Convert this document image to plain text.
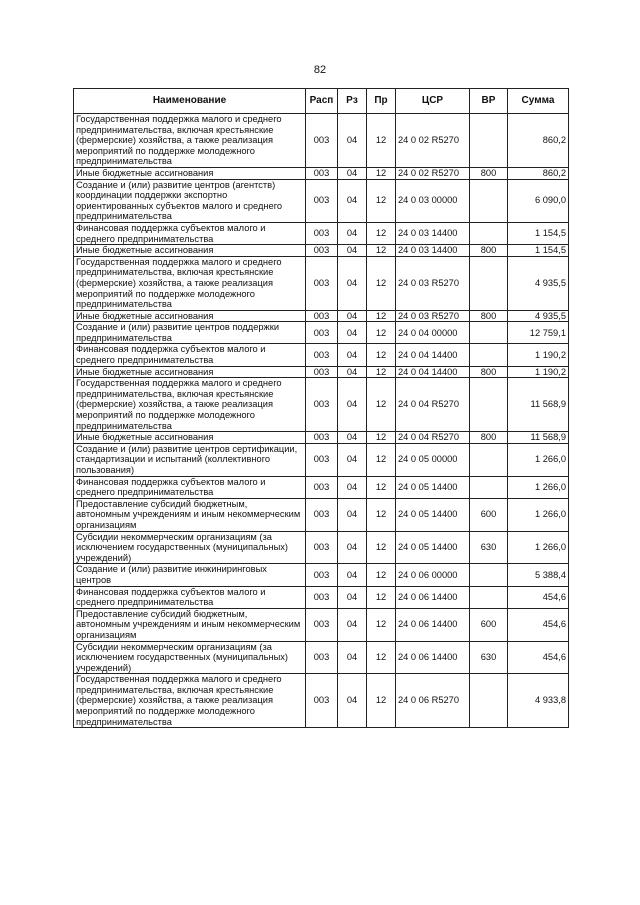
82
Наименование	Расп	Рз	Пр	ЦСР	ВР	Сумма
Государственная поддержка малого и среднего предпринимательства, включая крестьянские (фермерские) хозяйства, а также реализация мероприятий по поддержке молодежного предпринимательства	003	04	12	24 0 02 R5270		860,2
Иные бюджетные ассигнования	003	04	12	24 0 02 R5270	800	860,2
Создание и (или) развитие центров (агентств) координации поддержки экспортно ориентированных субъектов малого и среднего предпринимательства	003	04	12	24 0 03 00000		6 090,0
Финансовая поддержка субъектов малого и среднего предпринимательства	003	04	12	24 0 03 14400		1 154,5
Иные бюджетные ассигнования	003	04	12	24 0 03 14400	800	1 154,5
Государственная поддержка малого и среднего предпринимательства, включая крестьянские (фермерские) хозяйства, а также реализация мероприятий по поддержке молодежного предпринимательства	003	04	12	24 0 03 R5270		4 935,5
Иные бюджетные ассигнования	003	04	12	24 0 03 R5270	800	4 935,5
Создание и (или) развитие центров поддержки предпринимательства	003	04	12	24 0 04 00000		12 759,1
Финансовая поддержка субъектов малого и среднего предпринимательства	003	04	12	24 0 04 14400		1 190,2
Иные бюджетные ассигнования	003	04	12	24 0 04 14400	800	1 190,2
Государственная поддержка малого и среднего предпринимательства, включая крестьянские (фермерские) хозяйства, а также реализация мероприятий по поддержке молодежного предпринимательства	003	04	12	24 0 04 R5270		11 568,9
Иные бюджетные ассигнования	003	04	12	24 0 04 R5270	800	11 568,9
Создание и (или) развитие центров сертификации, стандартизации и испытаний (коллективного пользования)	003	04	12	24 0 05 00000		1 266,0
Финансовая поддержка субъектов малого и среднего предпринимательства	003	04	12	24 0 05 14400		1 266,0
Предоставление субсидий бюджетным, автономным учреждениям и иным некоммерческим организациям	003	04	12	24 0 05 14400	600	1 266,0
Субсидии некоммерческим организациям (за исключением государственных (муниципальных) учреждений)	003	04	12	24 0 05 14400	630	1 266,0
Создание и (или) развитие инжиниринговых центров	003	04	12	24 0 06 00000		5 388,4
Финансовая поддержка субъектов малого и среднего предпринимательства	003	04	12	24 0 06 14400		454,6
Предоставление субсидий бюджетным, автономным учреждениям и иным некоммерческим организациям	003	04	12	24 0 06 14400	600	454,6
Субсидии некоммерческим организациям (за исключением государственных (муниципальных) учреждений)	003	04	12	24 0 06 14400	630	454,6
Государственная поддержка малого и среднего предпринимательства, включая крестьянские (фермерские) хозяйства, а также реализация мероприятий по поддержке молодежного предпринимательства	003	04	12	24 0 06 R5270		4 933,8
